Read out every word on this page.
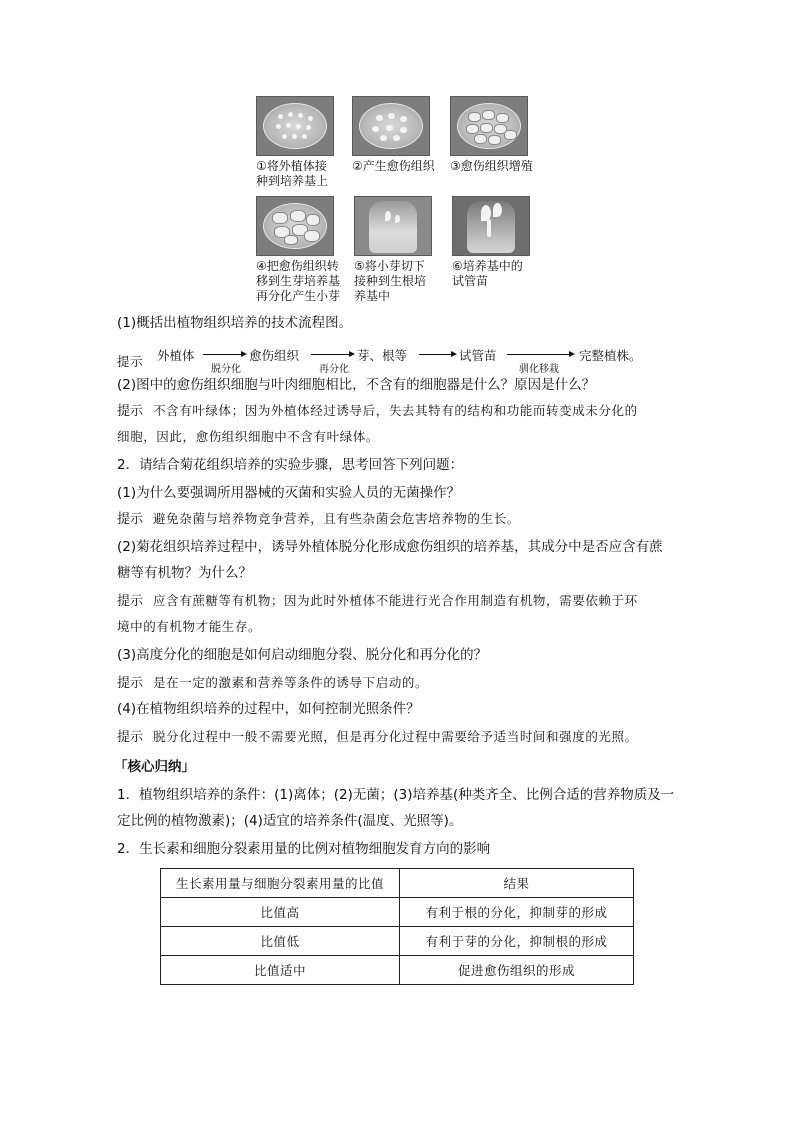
①将外植体接
种到培养基上
②产生愈伤组织 ③愈伤组织增殖
④把愈伤组织转
移到生芽培养基
再分化产生小芽
⑤将小芽切下
接种到生根培
养基中
⑥培养基中的
试管苗
(1)概括出植物组织培养的技术流程图。
提示 外植体
脱分化
愈伤组织
再分化
芽、根等	试管苗
驯化移栽
完整植株。
(2)图中的愈伤组织细胞与叶肉细胞相比，不含有的细胞器是什么？原因是什么？
提示 不含有叶绿体；因为外植体经过诱导后，失去其特有的结构和功能而转变成未分化的
细胞，因此，愈伤组织细胞中不含有叶绿体。
2．请结合菊花组织培养的实验步骤，思考回答下列问题：
(1)为什么要强调所用器械的灭菌和实验人员的无菌操作？
提示 避免杂菌与培养物竞争营养，且有些杂菌会危害培养物的生长。
(2)菊花组织培养过程中，诱导外植体脱分化形成愈伤组织的培养基，其成分中是否应含有蔗
糖等有机物？为什么？
提示 应含有蔗糖等有机物；因为此时外植体不能进行光合作用制造有机物，需要依赖于环
境中的有机物才能生存。
(3)高度分化的细胞是如何启动细胞分裂、脱分化和再分化的？
提示 是在一定的激素和营养等条件的诱导下启动的。
(4)在植物组织培养的过程中，如何控制光照条件？
提示 脱分化过程中一般不需要光照，但是再分化过程中需要给予适当时间和强度的光照。
「核心归纳」
1．植物组织培养的条件：(1)离体；(2)无菌；(3)培养基(种类齐全、比例合适的营养物质及一
定比例的植物激素)；(4)适宜的培养条件(温度、光照等)。
2．生长素和细胞分裂素用量的比例对植物细胞发育方向的影响
生长素用量与细胞分裂素用量的比值	结果
比值高	有利于根的分化，抑制芽的形成
比值低	有利于芽的分化，抑制根的形成
比值适中	促进愈伤组织的形成
